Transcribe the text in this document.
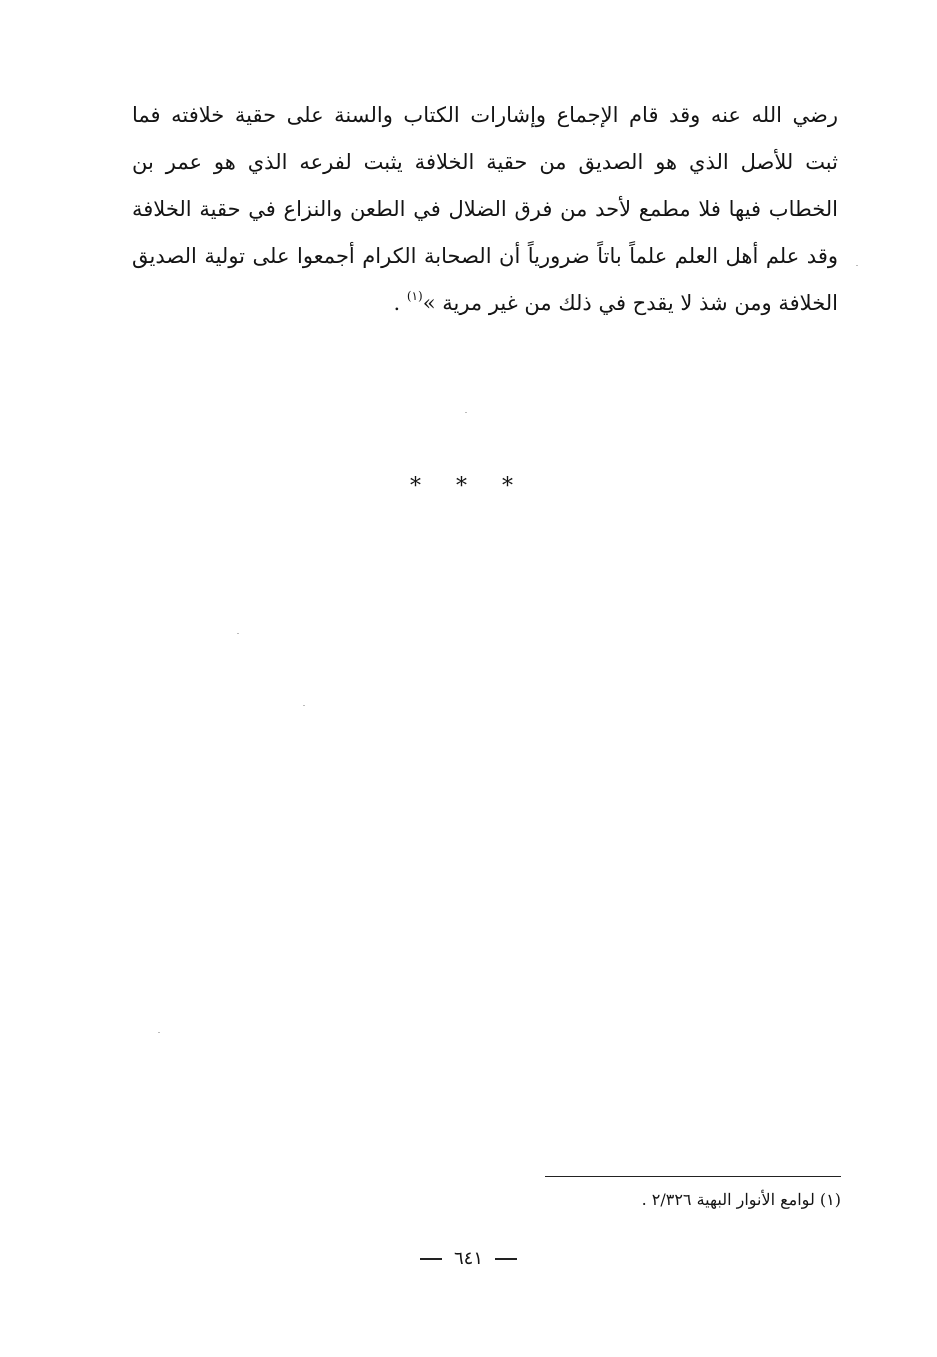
رضي الله عنه وقد قام الإجماع وإشارات الكتاب والسنة على حقية خلافته فما
ثبت للأصل الذي هو الصديق من حقية الخلافة يثبت لفرعه الذي هو عمر بن
الخطاب فيها فلا مطمع لأحد من فرق الضلال في الطعن والنزاع في حقية الخلافة
وقد علم أهل العلم علماً باتاً ضرورياً أن الصحابة الكرام أجمعوا على تولية الصديق
الخلافة ومن شذ لا يقدح في ذلك من غير مرية »$^{(١)}$ .
* * *
(١) لوامع الأنوار البهية ٢/٣٢٦ .
٦٤١
